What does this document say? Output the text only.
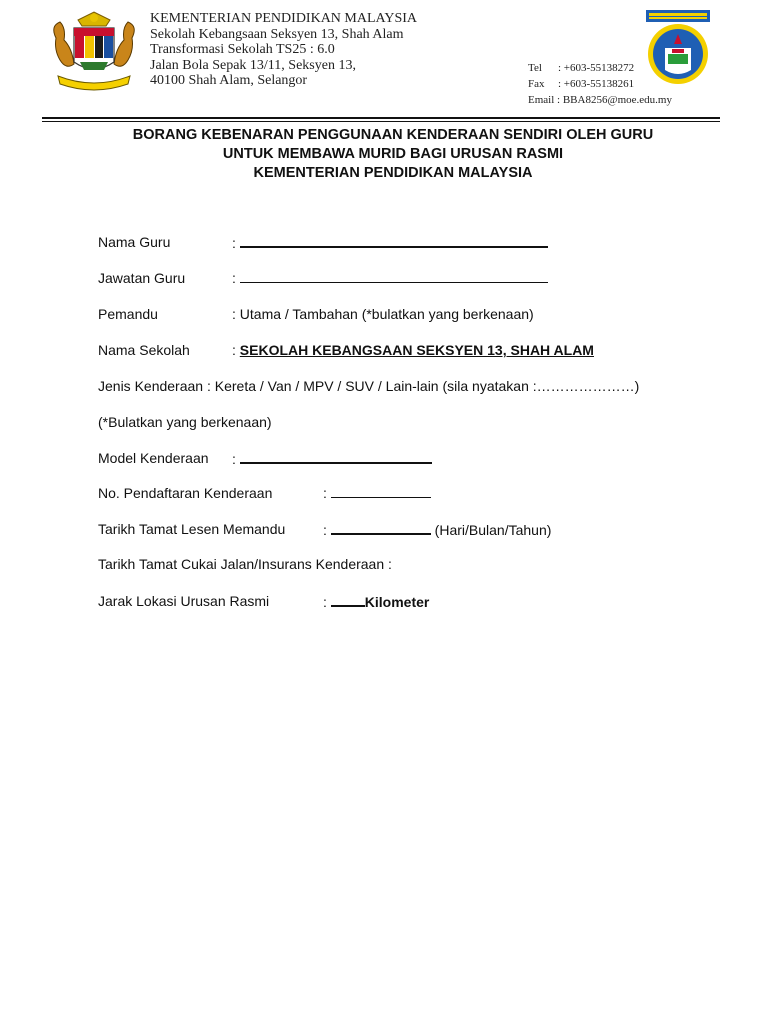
KEMENTERIAN PENDIDIKAN MALAYSIA
Sekolah Kebangsaan Seksyen 13, Shah Alam
Transformasi Sekolah TS25 : 6.0
Jalan Bola Sepak 13/11, Seksyen 13,
40100 Shah Alam, Selangor
Tel : +603-55138272
Fax : +603-55138261
Email : BBA8256@moe.edu.my
BORANG KEBENARAN PENGGUNAAN KENDERAAN SENDIRI OLEH GURU
UNTUK MEMBAWA MURID BAGI URUSAN RASMI
KEMENTERIAN PENDIDIKAN MALAYSIA
Nama Guru	:
Jawatan Guru	:
Pemandu	: Utama / Tambahan (*bulatkan yang berkenaan)
Nama Sekolah	: SEKOLAH KEBANGSAAN SEKSYEN 13, SHAH ALAM
Jenis Kenderaan : Kereta / Van / MPV / SUV / Lain-lain (sila nyatakan :…………………)
(*Bulatkan yang berkenaan)
Model Kenderaan :
No. Pendaftaran Kenderaan	:
Tarikh Tamat Lesen Memandu	:	(Hari/Bulan/Tahun)
Tarikh Tamat Cukai Jalan/Insurans Kenderaan :
Jarak Lokasi Urusan Rasmi	:	Kilometer
